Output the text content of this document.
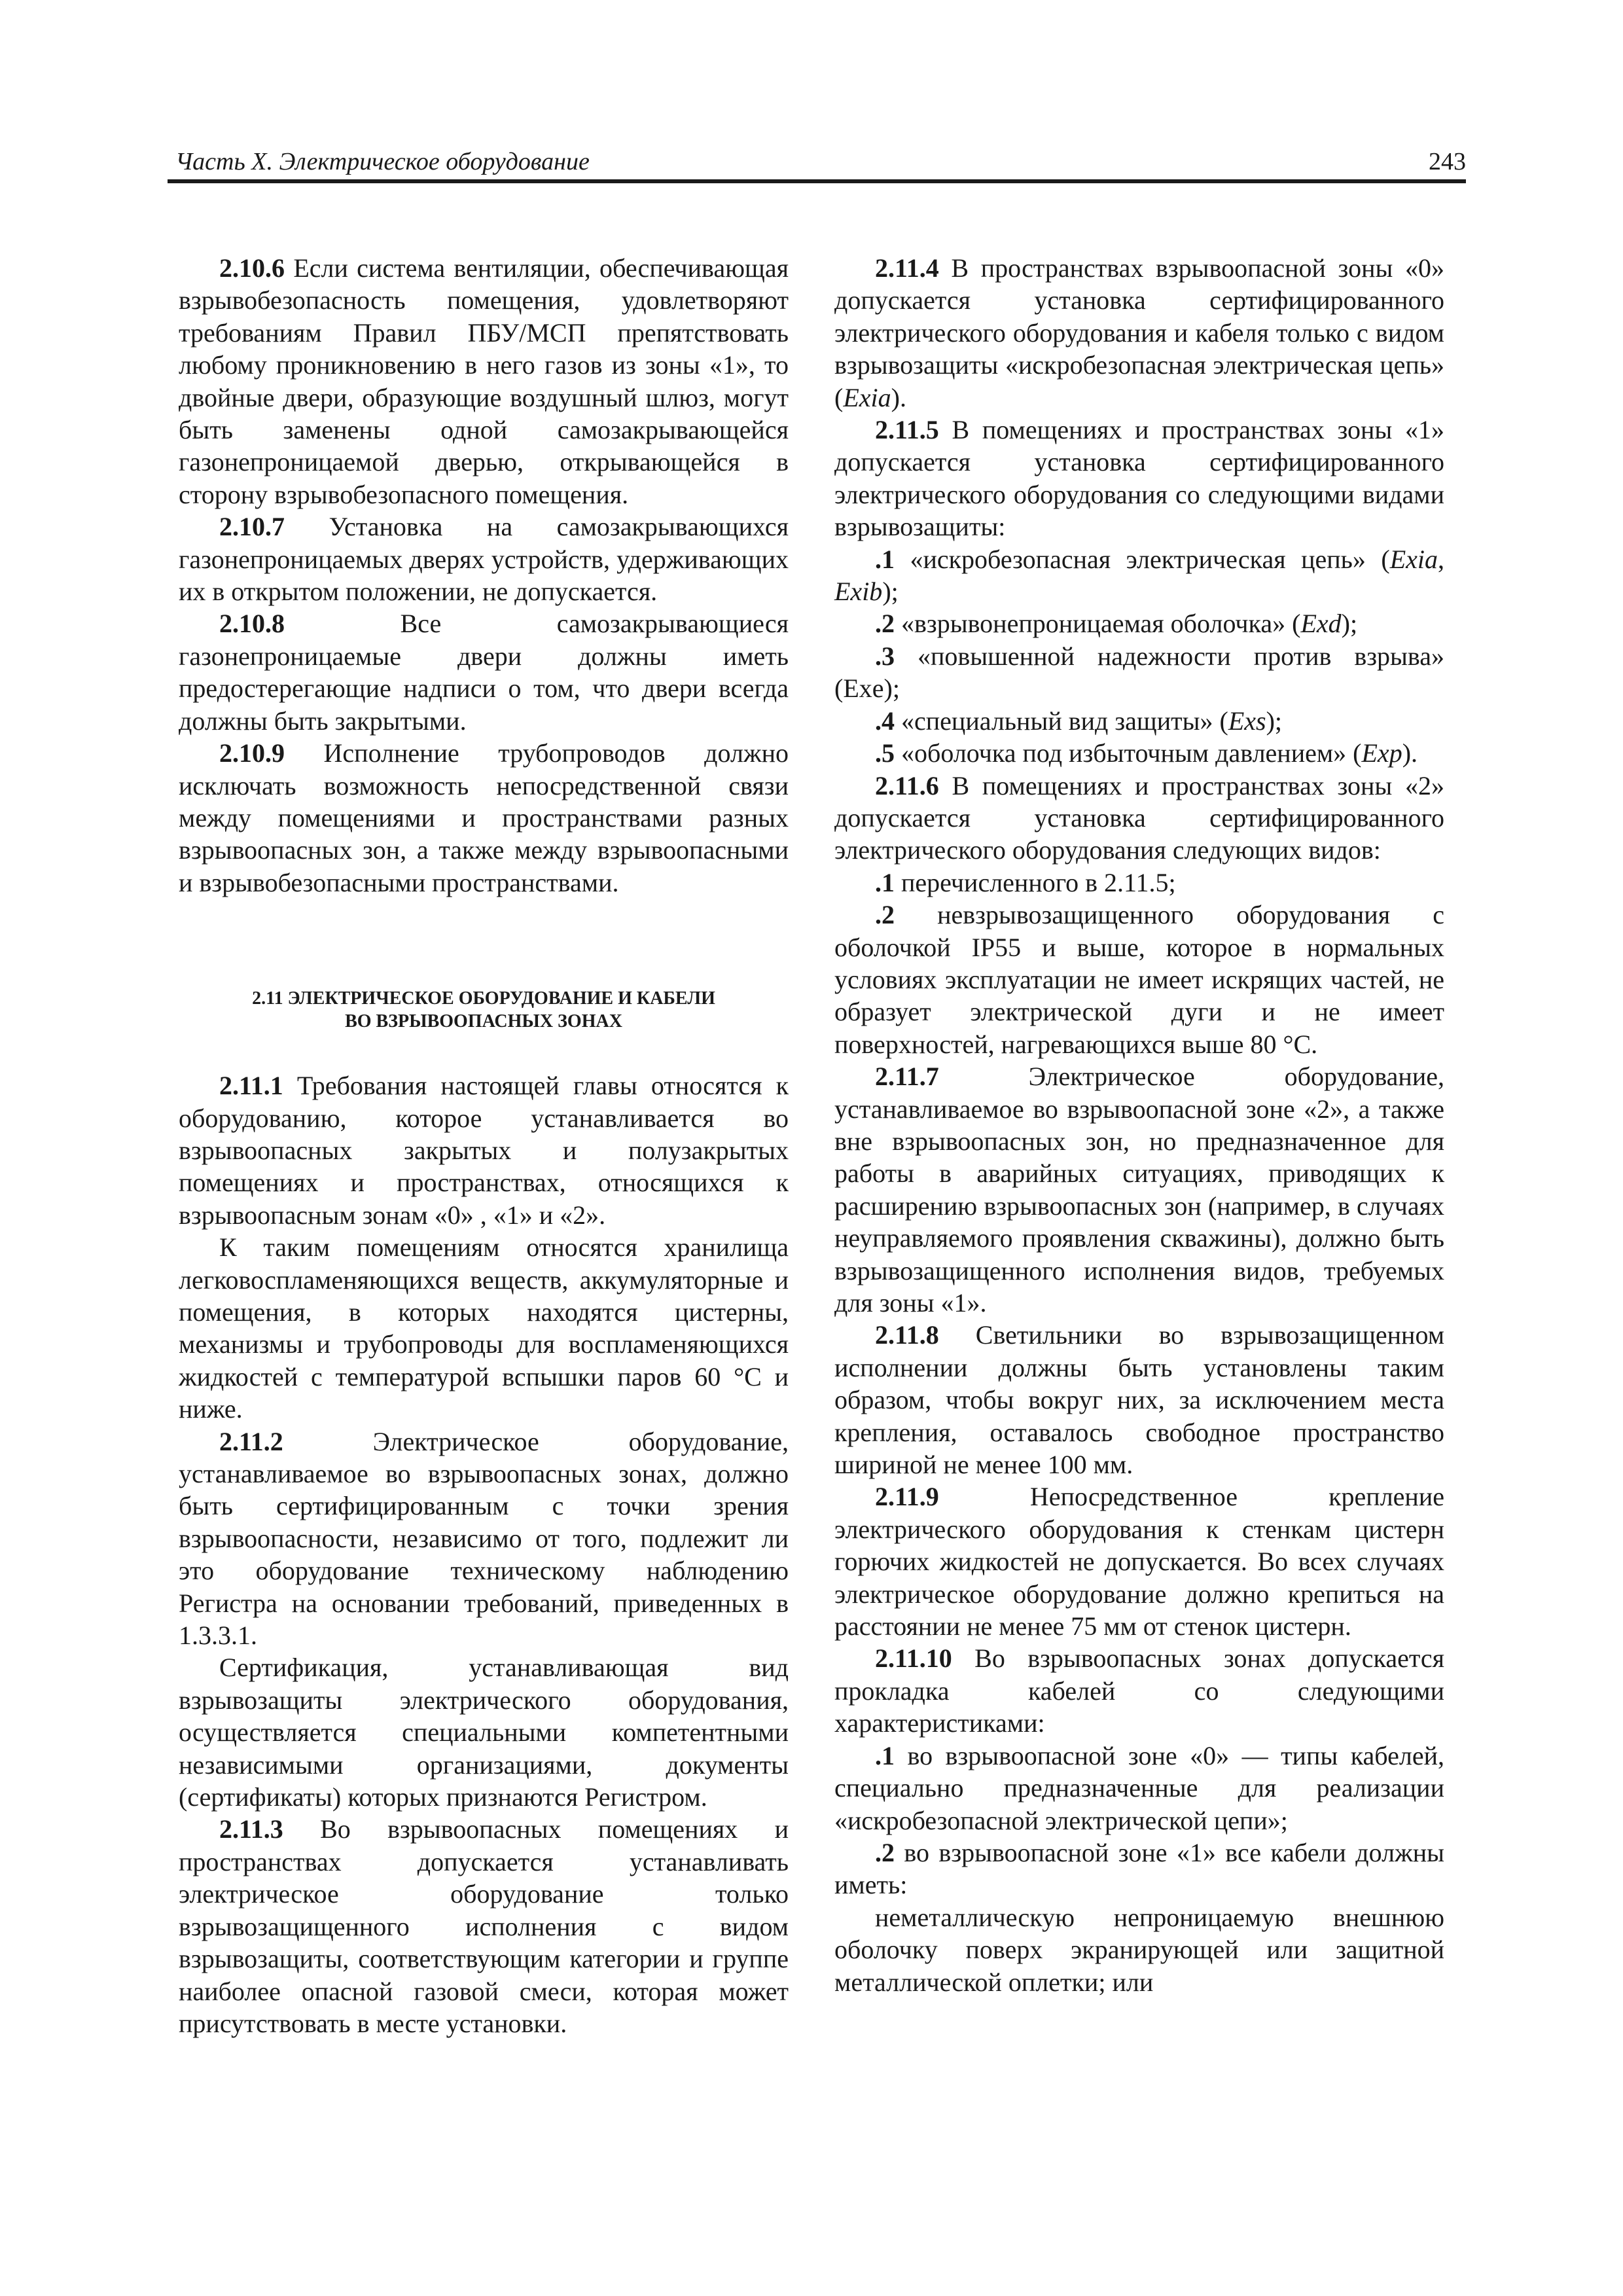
Часть X. Электрическое оборудование	243

2.10.6 Если система вентиляции, обеспечивающая взрывобезопасность помещения, удовлетворяют требованиям Правил ПБУ/МСП препятствовать любому проникновению в него газов из зоны «1», то двойные двери, образующие воздушный шлюз, могут быть заменены одной самозакрывающейся газонепроницаемой дверью, открывающейся в сторону взрывобезопасного помещения.

2.10.7 Установка на самозакрывающихся газонепроницаемых дверях устройств, удерживающих их в открытом положении, не допускается.

2.10.8 Все самозакрывающиеся газонепроницаемые двери должны иметь предостерегающие надписи о том, что двери всегда должны быть закрытыми.

2.10.9 Исполнение трубопроводов должно исключать возможность непосредственной связи между помещениями и пространствами разных взрывоопасных зон, а также между взрывоопасными и взрывобезопасными пространствами.

2.11 ЭЛЕКТРИЧЕСКОЕ ОБОРУДОВАНИЕ И КАБЕЛИ
ВО ВЗРЫВООПАСНЫХ ЗОНАХ

2.11.1 Требования настоящей главы относятся к оборудованию, которое устанавливается во взрывоопасных закрытых и полузакрытых помещениях и пространствах, относящихся к взрывоопасным зонам «0» , «1» и «2».

К таким помещениям относятся хранилища легковоспламеняющихся веществ, аккумуляторные и помещения, в которых находятся цистерны, механизмы и трубопроводы для воспламеняющихся жидкостей с температурой вспышки паров 60 °С и ниже.

2.11.2 Электрическое оборудование, устанавливаемое во взрывоопасных зонах, должно быть сертифицированным с точки зрения взрывоопасности, независимо от того, подлежит ли это оборудование техническому наблюдению Регистра на основании требований, приведенных в 1.3.3.1.

Сертификация, устанавливающая вид взрывозащиты электрического оборудования, осуществляется специальными компетентными независимыми организациями, документы (сертификаты) которых признаются Регистром.

2.11.3 Во взрывоопасных помещениях и пространствах допускается устанавливать электрическое оборудование только взрывозащищенного исполнения с видом взрывозащиты, соответствующим категории и группе наиболее опасной газовой смеси, которая может присутствовать в месте установки.

2.11.4 В пространствах взрывоопасной зоны «0» допускается установка сертифицированного электрического оборудования и кабеля только с видом взрывозащиты «искробезопасная электрическая цепь» (Exia).

2.11.5 В помещениях и пространствах зоны «1» допускается установка сертифицированного электрического оборудования со следующими видами взрывозащиты:

.1 «искробезопасная электрическая цепь» (Exia, Exib);

.2 «взрывонепроницаемая оболочка» (Exd);

.3 «повышенной надежности против взрыва» (Exe);

.4 «специальный вид защиты» (Exs);

.5 «оболочка под избыточным давлением» (Exp).

2.11.6 В помещениях и пространствах зоны «2» допускается установка сертифицированного электрического оборудования следующих видов:

.1 перечисленного в 2.11.5;

.2 невзрывозащищенного оборудования с оболочкой IP55 и выше, которое в нормальных условиях эксплуатации не имеет искрящих частей, не образует электрической дуги и не имеет поверхностей, нагревающихся выше 80 °С.

2.11.7 Электрическое оборудование, устанавливаемое во взрывоопасной зоне «2», а также вне взрывоопасных зон, но предназначенное для работы в аварийных ситуациях, приводящих к расширению взрывоопасных зон (например, в случаях неуправляемого проявления скважины), должно быть взрывозащищенного исполнения видов, требуемых для зоны «1».

2.11.8 Светильники во взрывозащищенном исполнении должны быть установлены таким образом, чтобы вокруг них, за исключением места крепления, оставалось свободное пространство шириной не менее 100 мм.

2.11.9 Непосредственное крепление электрического оборудования к стенкам цистерн горючих жидкостей не допускается. Во всех случаях электрическое оборудование должно крепиться на расстоянии не менее 75 мм от стенок цистерн.

2.11.10 Во взрывоопасных зонах допускается прокладка кабелей со следующими характеристиками:

.1 во взрывоопасной зоне «0» — типы кабелей, специально предназначенные для реализации «искробезопасной электрической цепи»;

.2 во взрывоопасной зоне «1» все кабели должны иметь:

неметаллическую непроницаемую внешнюю оболочку поверх экранирующей или защитной металлической оплетки; или
